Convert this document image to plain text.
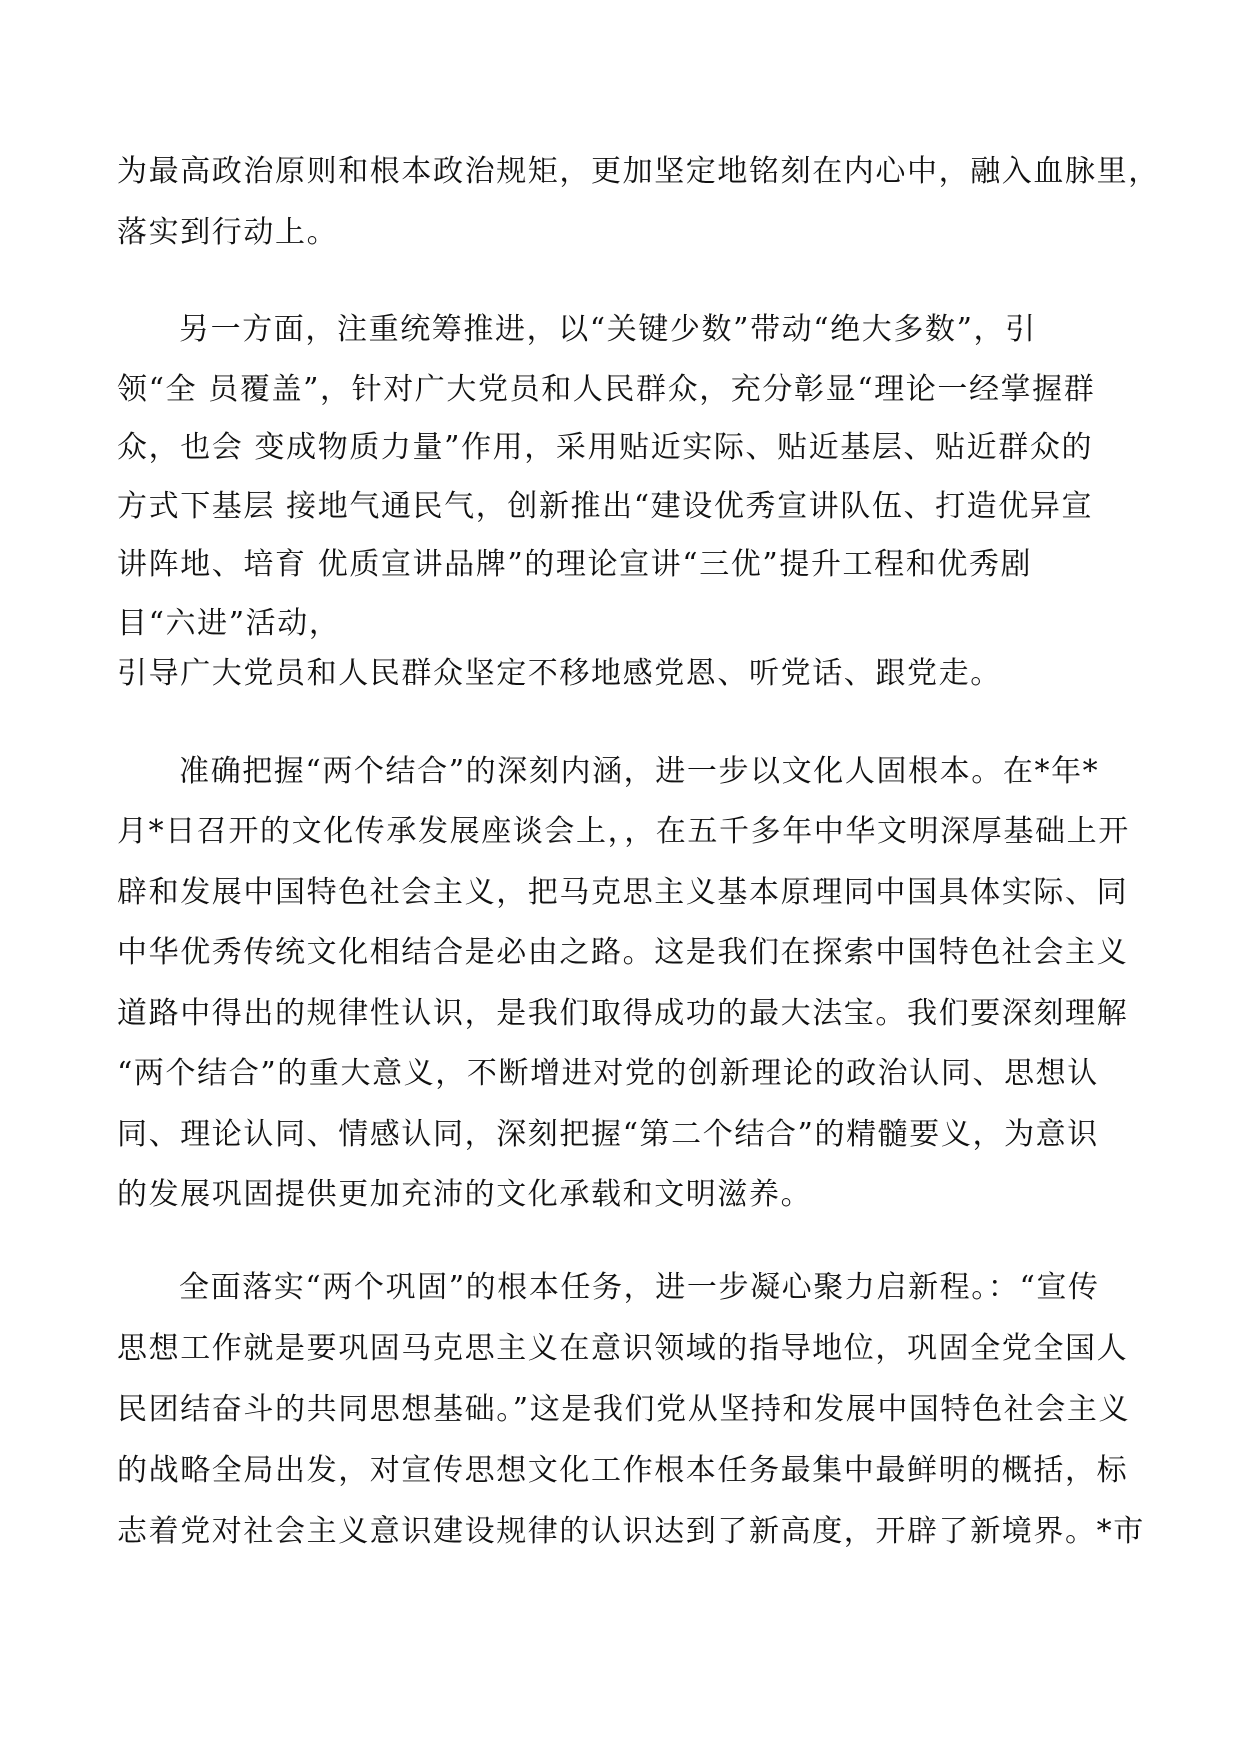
为最高政治原则和根本政治规矩，更加坚定地铭刻在内心中，融入血脉里，
落实到行动上。
另一方面，注重统筹推进，以“关键少数”带动“绝大多数”，引
领“全 员覆盖”，针对广大党员和人民群众，充分彰显“理论一经掌握群
众，也会 变成物质力量”作用，采用贴近实际、贴近基层、贴近群众的
方式下基层 接地气通民气，创新推出“建设优秀宣讲队伍、打造优异宣
讲阵地、培育 优质宣讲品牌”的理论宣讲“三优”提升工程和优秀剧
目“六进”活动，
引导广大党员和人民群众坚定不移地感党恩、听党话、跟党走。
准确把握“两个结合”的深刻内涵，进一步以文化人固根本。在*年*
月*日召开的文化传承发展座谈会上，，在五千多年中华文明深厚基础上开
辟和发展中国特色社会主义，把马克思主义基本原理同中国具体实际、同
中华优秀传统文化相结合是必由之路。这是我们在探索中国特色社会主义
道路中得出的规律性认识，是我们取得成功的最大法宝。我们要深刻理解
“两个结合”的重大意义，不断增进对党的创新理论的政治认同、思想认
同、理论认同、情感认同，深刻把握“第二个结合”的精髓要义，为意识
的发展巩固提供更加充沛的文化承载和文明滋养。
全面落实“两个巩固”的根本任务，进一步凝心聚力启新程。：“宣传
思想工作就是要巩固马克思主义在意识领域的指导地位，巩固全党全国人
民团结奋斗的共同思想基础。”这是我们党从坚持和发展中国特色社会主义
的战略全局出发，对宣传思想文化工作根本任务最集中最鲜明的概括，标
志着党对社会主义意识建设规律的认识达到了新高度，开辟了新境界。*市
